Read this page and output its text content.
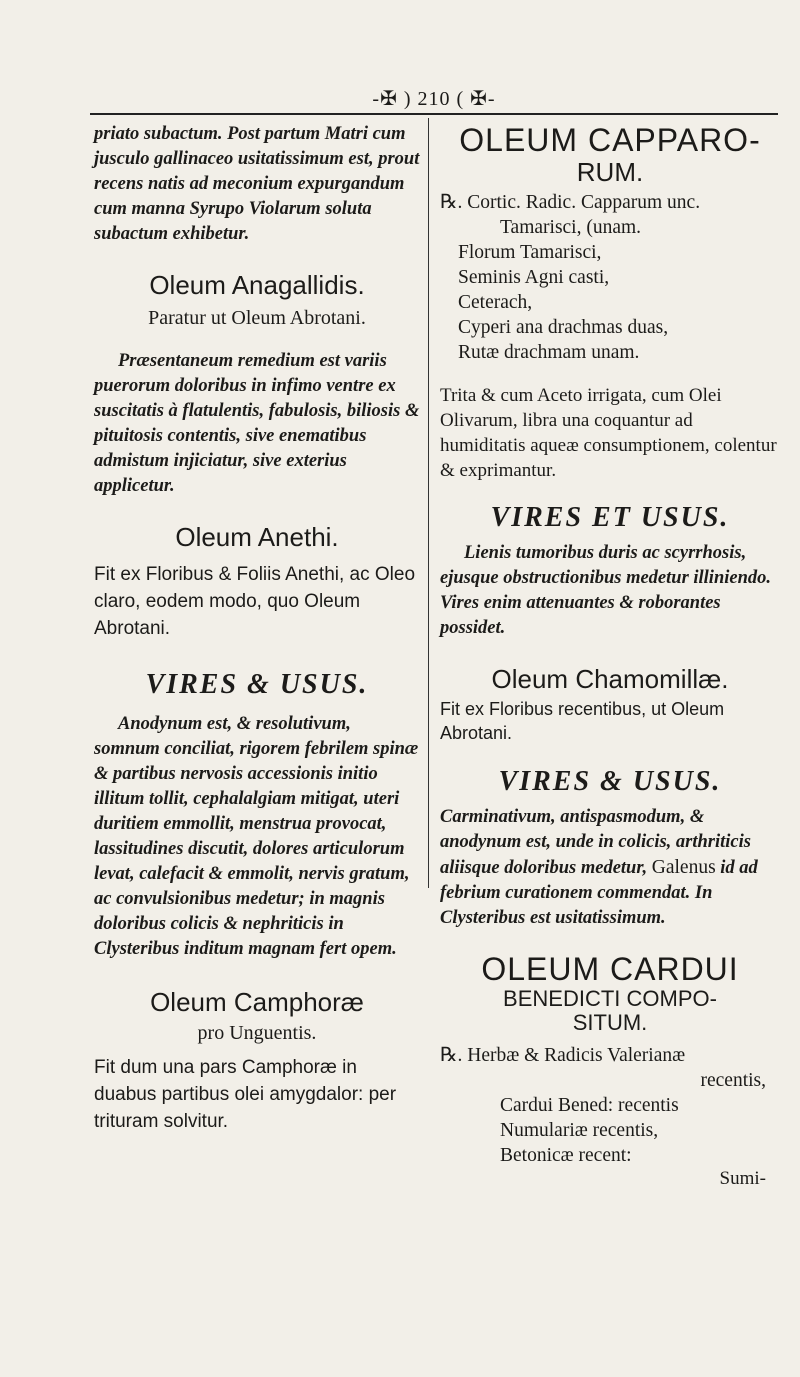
-✠ ) 210 ( ✠-

priato subactum. Post partum Matri cum jusculo gallinaceo usitatissimum est, prout recens natis ad meconium expurgandum cum manna Syrupo Violarum soluta subactum exhibetur.

Oleum Anagallidis.

Paratur ut Oleum Abrotani.

Præsentaneum remedium est variis puerorum doloribus in infimo ventre ex suscitatis à flatulentis, fabulosis, biliosis & pituitosis contentis, sive enematibus admistum injiciatur, sive exterius applicetur.

Oleum Anethi.

Fit ex Floribus & Foliis Anethi, ac Oleo claro, eodem modo, quo Oleum Abrotani.

VIRES & USUS.

Anodynum est, & resolutivum, somnum conciliat, rigorem febrilem spinæ & partibus nervosis accessionis initio illitum tollit, cephalalgiam mitigat, uteri duritiem emmollit, menstrua provocat, lassitudines discutit, dolores articulorum levat, calefacit & emmolit, nervis gratum, ac convulsionibus medetur; in magnis doloribus colicis & nephriticis in Clysteribus inditum magnam fert opem.

Oleum Camphoræ

pro Unguentis.

Fit dum una pars Camphoræ in duabus partibus olei amygdalor: per trituram solvitur.

OLEUM CAPPARO-

RUM.

℞. Cortic. Radic. Capparum unc.
Tamarisci, (unam.
Florum Tamarisci,
Seminis Agni casti,
Ceterach,
Cyperi ana drachmas duas,
Rutæ drachmam unam.

Trita & cum Aceto irrigata, cum Olei Olivarum, libra una coquantur ad humiditatis aqueæ consumptionem, colentur & exprimantur.

VIRES ET USUS.

Lienis tumoribus duris ac scyrrhosis, ejusque obstructionibus medetur illiniendo. Vires enim attenuantes & roborantes possidet.

Oleum Chamomillæ.

Fit ex Floribus recentibus, ut Oleum Abrotani.

VIRES & USUS.

Carminativum, antispasmodum, & anodynum est, unde in colicis, arthriticis aliisque doloribus medetur, Galenus id ad febrium curationem commendat. In Clysteribus est usitatissimum.

OLEUM CARDUI

BENEDICTI COMPO-

SITUM.

℞. Herbæ & Radicis Valerianæ
recentis,
Cardui Bened: recentis
Numulariæ recentis,
Betonicæ recent:

Sumi-
